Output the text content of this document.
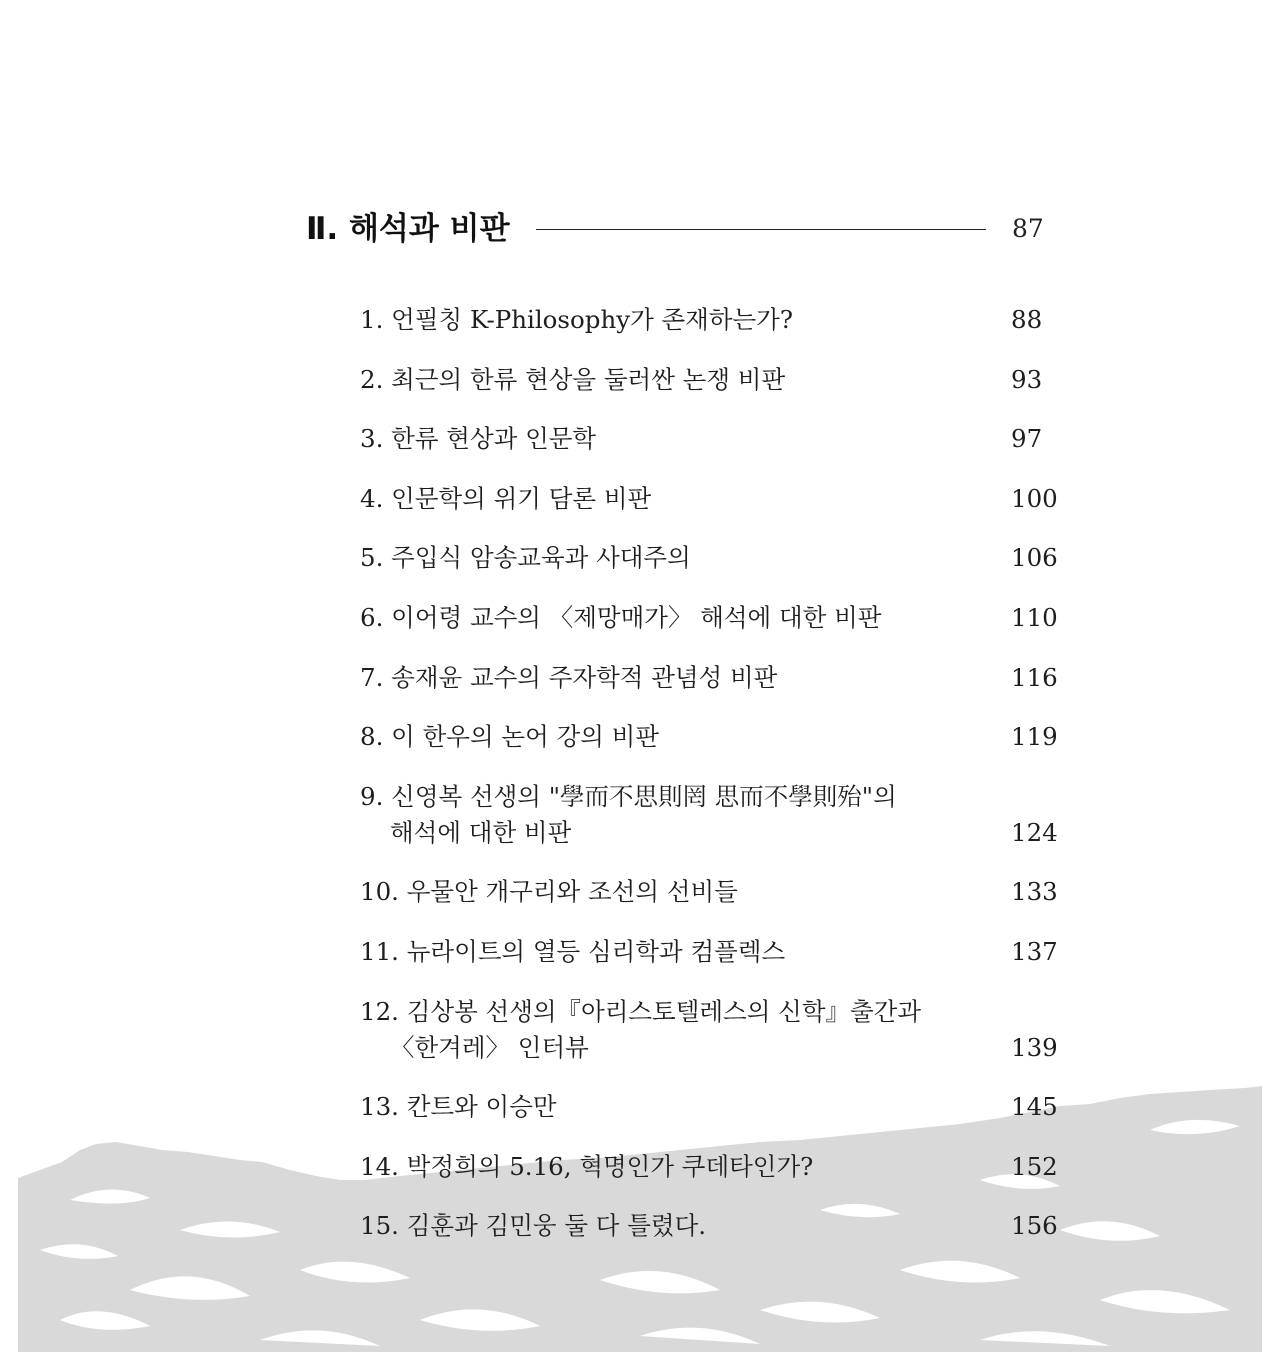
Ⅱ. 해석과 비판	87
1. 언필칭 K-Philosophy가 존재하는가?	88
2. 최근의 한류 현상을 둘러싼 논쟁 비판	93
3. 한류 현상과 인문학	97
4. 인문학의 위기 담론 비판	100
5. 주입식 암송교육과 사대주의	106
6. 이어령 교수의 〈제망매가〉 해석에 대한 비판	110
7. 송재윤 교수의 주자학적 관념성 비판	116
8. 이 한우의 논어 강의 비판	119
9. 신영복 선생의 "學而不思則罔 思而不學則殆"의
해석에 대한 비판	124
10. 우물안 개구리와 조선의 선비들	133
11. 뉴라이트의 열등 심리학과 컴플렉스	137
12. 김상봉 선생의『아리스토텔레스의 신학』출간과
〈한겨레〉 인터뷰	139
13. 칸트와 이승만	145
14. 박정희의 5.16, 혁명인가 쿠데타인가?	152
15. 김훈과 김민웅 둘 다 틀렸다.	156
